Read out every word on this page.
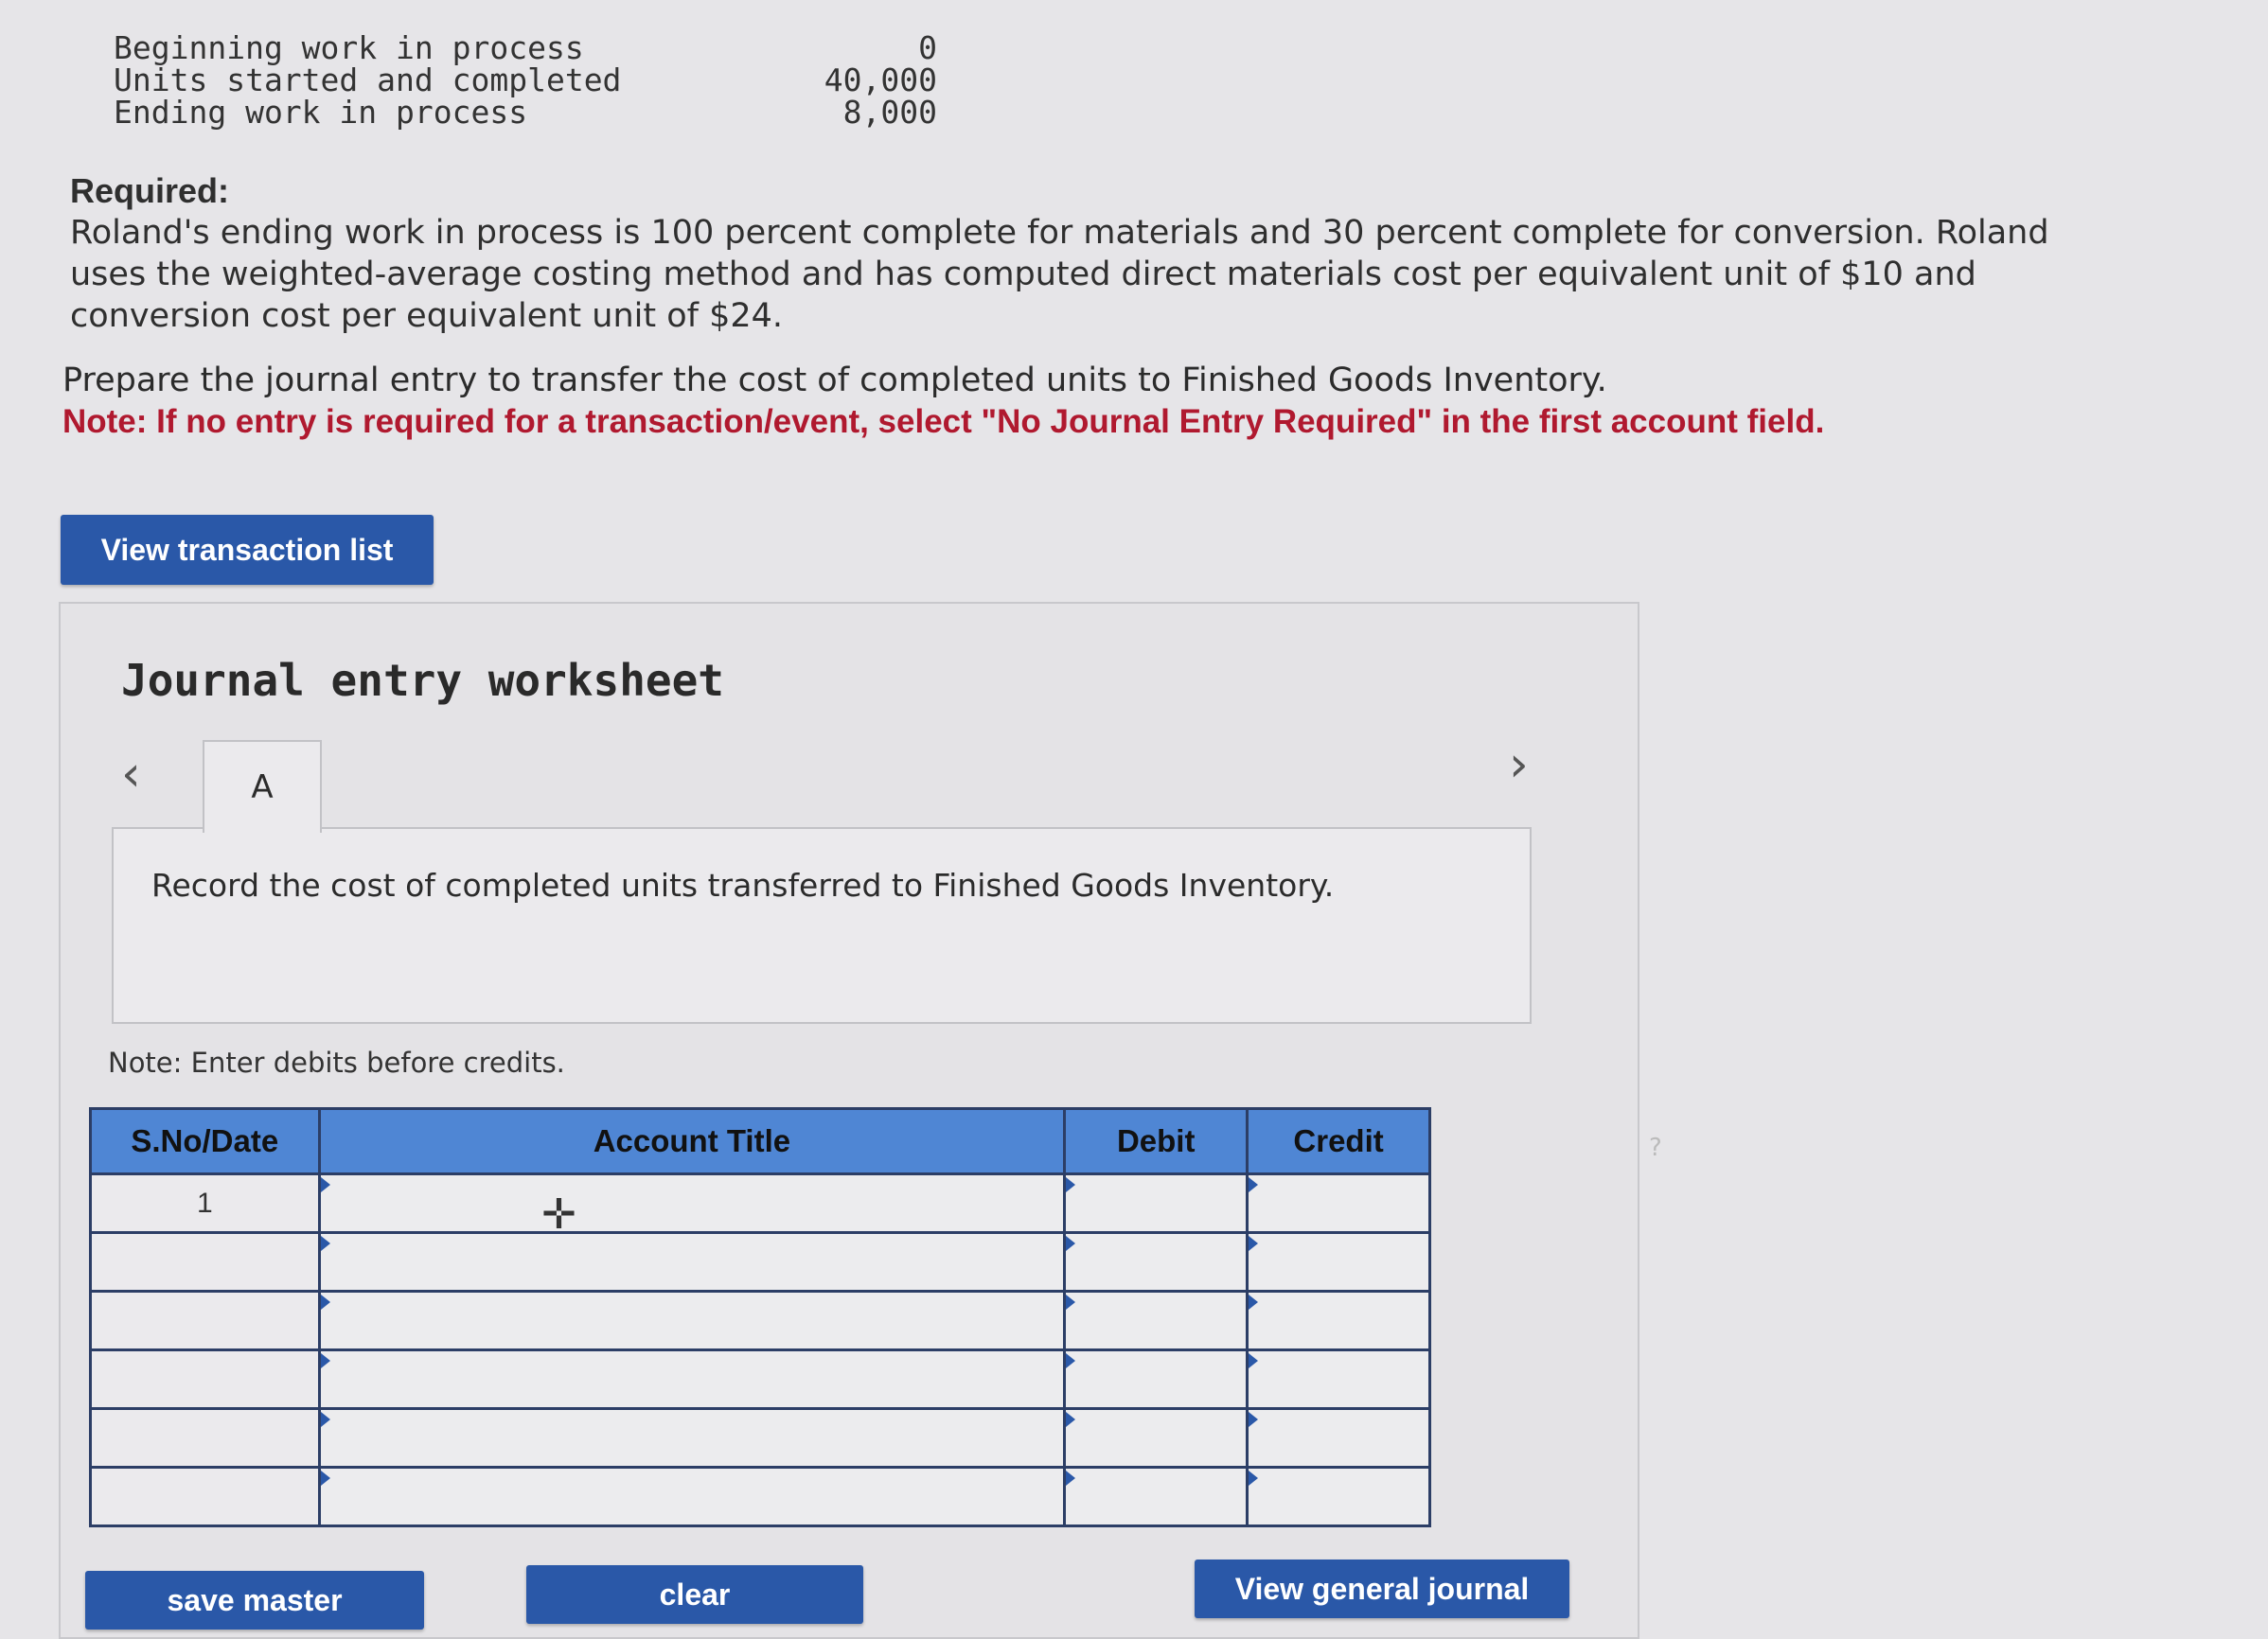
Beginning work in process	0
Units started and completed	40,000
Ending work in process	8,000
Required:
Roland's ending work in process is 100 percent complete for materials and 30 percent complete for conversion. Roland uses the weighted-average costing method and has computed direct materials cost per equivalent unit of $10 and conversion cost per equivalent unit of $24.
Prepare the journal entry to transfer the cost of completed units to Finished Goods Inventory.
Note: If no entry is required for a transaction/event, select "No Journal Entry Required" in the first account field.
View transaction list
Journal entry worksheet
‹	›
A
Record the cost of completed units transferred to Finished Goods Inventory.
Note: Enter debits before credits.
S.No/Date	Account Title	Debit	Credit
1			

				✛
save master	clear	View general journal
?
